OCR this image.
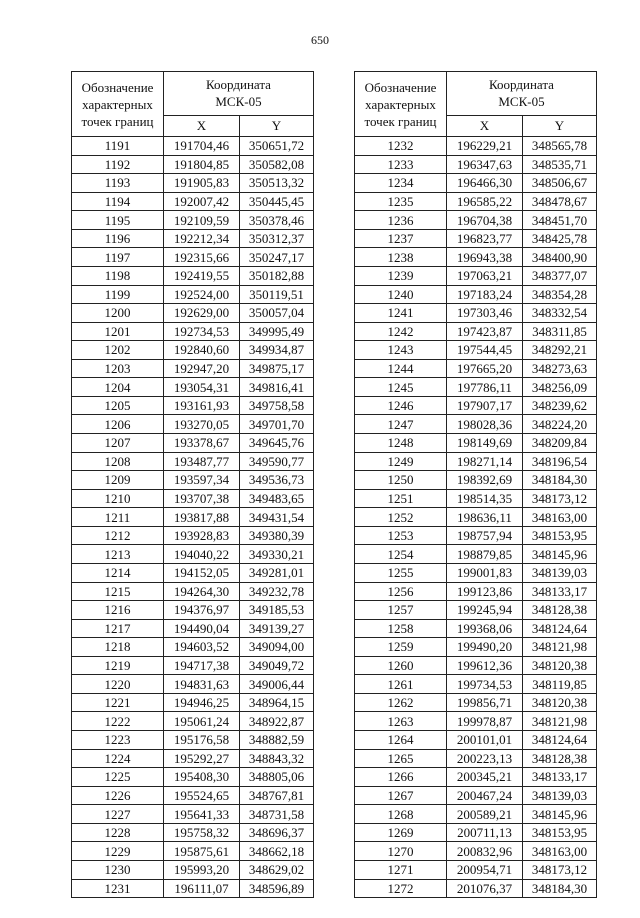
650
Обозначение
характерных
точек границ	Координата
МСК-05	

	X	Y
1191	191704,46	350651,72
1192	191804,85	350582,08
1193	191905,83	350513,32
1194	192007,42	350445,45
1195	192109,59	350378,46
1196	192212,34	350312,37
1197	192315,66	350247,17
1198	192419,55	350182,88
1199	192524,00	350119,51
1200	192629,00	350057,04
1201	192734,53	349995,49
1202	192840,60	349934,87
1203	192947,20	349875,17
1204	193054,31	349816,41
1205	193161,93	349758,58
1206	193270,05	349701,70
1207	193378,67	349645,76
1208	193487,77	349590,77
1209	193597,34	349536,73
1210	193707,38	349483,65
1211	193817,88	349431,54
1212	193928,83	349380,39
1213	194040,22	349330,21
1214	194152,05	349281,01
1215	194264,30	349232,78
1216	194376,97	349185,53
1217	194490,04	349139,27
1218	194603,52	349094,00
1219	194717,38	349049,72
1220	194831,63	349006,44
1221	194946,25	348964,15
1222	195061,24	348922,87
1223	195176,58	348882,59
1224	195292,27	348843,32
1225	195408,30	348805,06
1226	195524,65	348767,81
1227	195641,33	348731,58
1228	195758,32	348696,37
1229	195875,61	348662,18
1230	195993,20	348629,02
1231	196111,07	348596,89
Обозначение
характерных
точек границ	Координата
МСК-05	

	X	Y
1232	196229,21	348565,78
1233	196347,63	348535,71
1234	196466,30	348506,67
1235	196585,22	348478,67
1236	196704,38	348451,70
1237	196823,77	348425,78
1238	196943,38	348400,90
1239	197063,21	348377,07
1240	197183,24	348354,28
1241	197303,46	348332,54
1242	197423,87	348311,85
1243	197544,45	348292,21
1244	197665,20	348273,63
1245	197786,11	348256,09
1246	197907,17	348239,62
1247	198028,36	348224,20
1248	198149,69	348209,84
1249	198271,14	348196,54
1250	198392,69	348184,30
1251	198514,35	348173,12
1252	198636,11	348163,00
1253	198757,94	348153,95
1254	198879,85	348145,96
1255	199001,83	348139,03
1256	199123,86	348133,17
1257	199245,94	348128,38
1258	199368,06	348124,64
1259	199490,20	348121,98
1260	199612,36	348120,38
1261	199734,53	348119,85
1262	199856,71	348120,38
1263	199978,87	348121,98
1264	200101,01	348124,64
1265	200223,13	348128,38
1266	200345,21	348133,17
1267	200467,24	348139,03
1268	200589,21	348145,96
1269	200711,13	348153,95
1270	200832,96	348163,00
1271	200954,71	348173,12
1272	201076,37	348184,30
